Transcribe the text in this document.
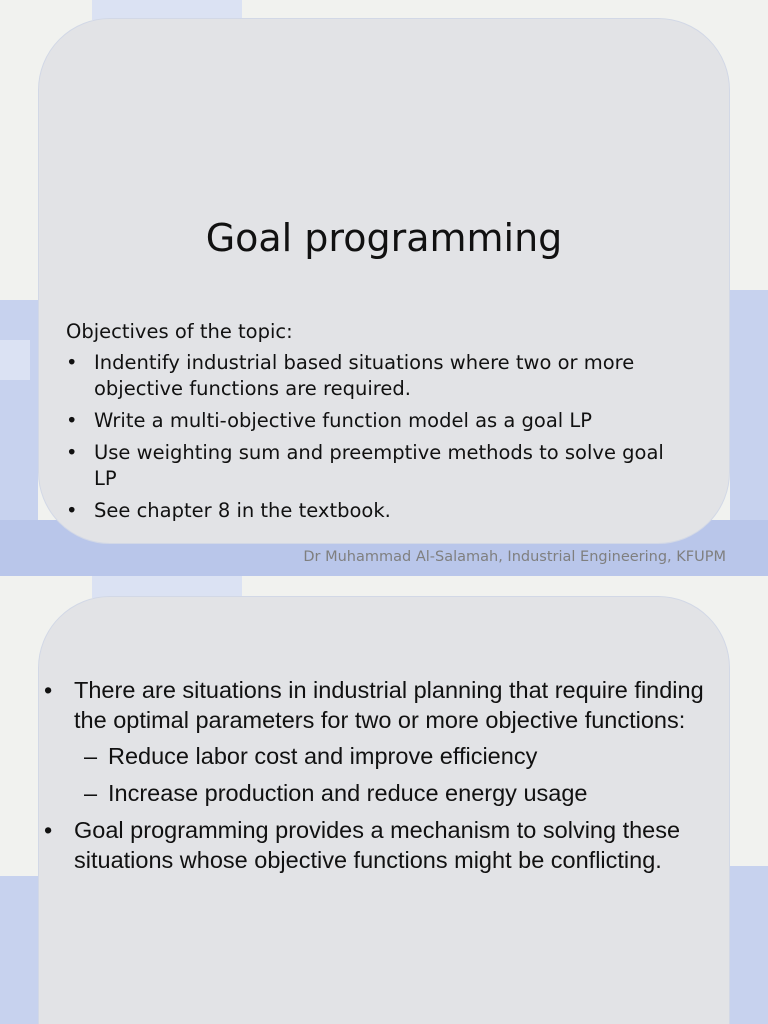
Goal programming
Objectives of the topic:
• Indentify industrial based situations where two or more objective functions are required.
• Write a multi-objective function model as a goal LP
• Use weighting sum and preemptive methods to solve goal LP
• See chapter 8 in the textbook.
Dr Muhammad Al-Salamah, Industrial Engineering, KFUPM
• There are situations in industrial planning that require finding the optimal parameters for two or more objective functions:
– Reduce labor cost and improve efficiency
– Increase production and reduce energy usage
• Goal programming provides a mechanism to solving these situations whose objective functions might be conflicting.
